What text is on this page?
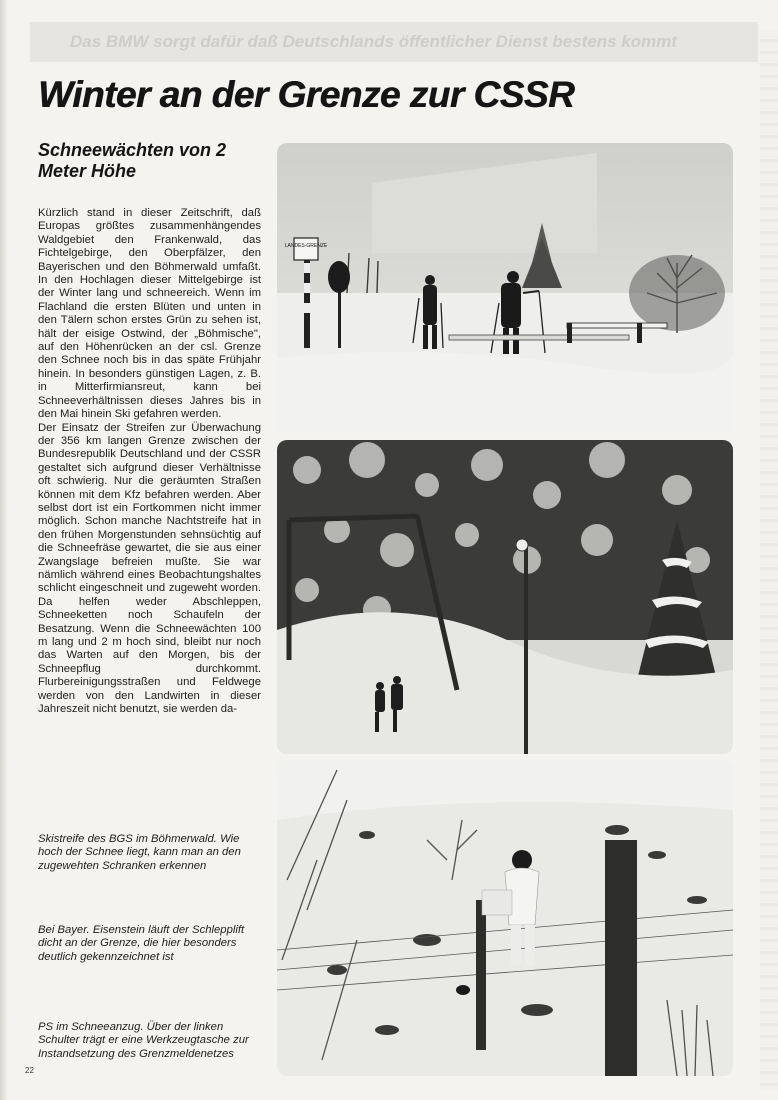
Das BMW sorgt dafür daß Deutschlands öffentlicher Dienst bestens kommt
Winter an der Grenze zur CSSR
Schneewächten von 2 Meter Höhe

Kürzlich stand in dieser Zeitschrift, daß Europas größtes zusammenhängendes Waldgebiet den Frankenwald, das Fichtelgebirge, den Oberpfälzer, den Bayerischen und den Böhmerwald umfaßt. In den Hochlagen dieser Mittelgebirge ist der Winter lang und schneereich. Wenn im Flachland die ersten Blüten und unten in den Tälern schon erstes Grün zu sehen ist, hält der eisige Ostwind, der „Böhmische", auf den Höhenrücken an der csl. Grenze den Schnee noch bis in das späte Frühjahr hinein. In besonders günstigen Lagen, z. B. in Mitterfirmiansreut, kann bei Schneeverhältnissen dieses Jahres bis in den Mai hinein Ski gefahren werden.

Der Einsatz der Streifen zur Überwachung der 356 km langen Grenze zwischen der Bundesrepublik Deutschland und der CSSR gestaltet sich aufgrund dieser Verhältnisse oft schwierig. Nur die geräumten Straßen können mit dem Kfz befahren werden. Aber selbst dort ist ein Fortkommen nicht immer möglich. Schon manche Nachtstreife hat in den frühen Morgenstunden sehnsüchtig auf die Schneefräse gewartet, die sie aus einer Zwangslage befreien mußte. Sie war nämlich während eines Beobachtungshaltes schlicht eingeschneit und zugeweht worden. Da helfen weder Abschleppen, Schneeketten noch Schaufeln der Besatzung. Wenn die Schneewächten 100 m lang und 2 m hoch sind, bleibt nur noch das Warten auf den Morgen, bis der Schneepflug durchkommt. Flurbereinigungsstraßen und Feldwege werden von den Landwirten in dieser Jahreszeit nicht benutzt, sie werden da-

Skistreife des BGS im Böhmerwald. Wie hoch der Schnee liegt, kann man an den zugewehten Schranken erkennen
Bei Bayer. Eisenstein läuft der Schlepplift dicht an der Grenze, die hier besonders deutlich gekennzeichnet ist
PS im Schneeanzug. Über der linken Schulter trägt er eine Werkzeugtasche zur Instandsetzung des Grenzmeldenetzes
22
LANDES-GRENZE
